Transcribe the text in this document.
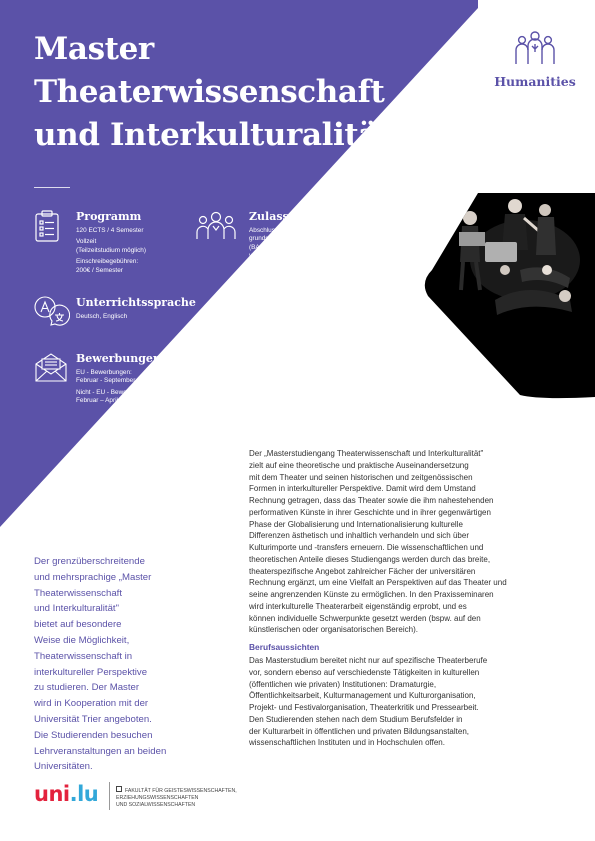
Master
Theaterwissenschaft
und Interkulturalität
Humanities
Programm

120 ECTS / 4 Semester

Vollzeit

(Teilzeitstudium möglich)

Einschreibegebühren:

200€ / Semester

Zulassung

Abschluss eines mindestens dreijährigen

grundständigen Studienprogramms

(BA / Licence) in den Geisteswissenschaften,

vorzugsweise in den Philologien oder in einem

angrenzenden Fach. Bewerbung

und Einschreibung sind an beiden

Partnerhochschulen möglich.

Sprachkompetenzen: Deutsch C1 (CEFR).

Englischkenntnisse erforderlich,

Französischkenntnisse von

Vorteil

Unterrichtssprache

Deutsch, Englisch

Bewerbungen

EU - Bewerbungen:

Februar - September

Nicht - EU - Bewerbungen:

Februar – April

Der grenzüberschreitende
und mehrsprachige „Master
Theaterwissenschaft
und Interkulturalität"
bietet auf besondere
Weise die Möglichkeit,
Theaterwissenschaft in
interkultureller Perspektive
zu studieren. Der Master
wird in Kooperation mit der
Universität Trier angeboten.
Die Studierenden besuchen
Lehrveranstaltungen an beiden
Universitäten.

Der „Masterstudiengang Theaterwissenschaft und Interkulturalität"
zielt auf eine theoretische und praktische Auseinandersetzung
mit dem Theater und seinen historischen und zeitgenössischen
Formen in interkultureller Perspektive. Damit wird dem Umstand
Rechnung getragen, dass das Theater sowie die ihm nahestehenden
performativen Künste in ihrer Geschichte und in ihrer gegenwärtigen
Phase der Globalisierung und Internationalisierung kulturelle
Differenzen ästhetisch und inhaltlich verhandeln und sich über
Kulturimporte und -transfers erneuern. Die wissenschaftlichen und
theoretischen Anteile dieses Studiengangs werden durch das breite,
theaterspezifische Angebot zahlreicher Fächer der universitären
Rechnung ergänzt, um eine Vielfalt an Perspektiven auf das Theater und
seine angrenzenden Künste zu ermöglichen. In den Praxisseminaren
wird interkulturelle Theaterarbeit eigenständig erprobt, und es
können individuelle Schwerpunkte gesetzt werden (bspw. auf den
künstlerischen oder organisatorischen Bereich).

Berufsaussichten

Das Masterstudium bereitet nicht nur auf spezifische Theaterberufe
vor, sondern ebenso auf verschiedenste Tätigkeiten in kulturellen
(öffentlichen wie privaten) Institutionen: Dramaturgie,
Öffentlichkeitsarbeit, Kulturmanagement und Kulturorganisation,
Projekt- und Festivalorganisation, Theaterkritik und Pressearbeit.
Den Studierenden stehen nach dem Studium Berufsfelder in
der Kulturarbeit in öffentlichen und privaten Bildungsanstalten,
wissenschaftlichen Instituten und in Hochschulen offen.

uni.lu	FAKULTÄT FÜR GEISTESWISSENSCHAFTEN,
ERZIEHUNGSWISSENSCHAFTEN
UND SOZIALWISSENSCHAFTEN
